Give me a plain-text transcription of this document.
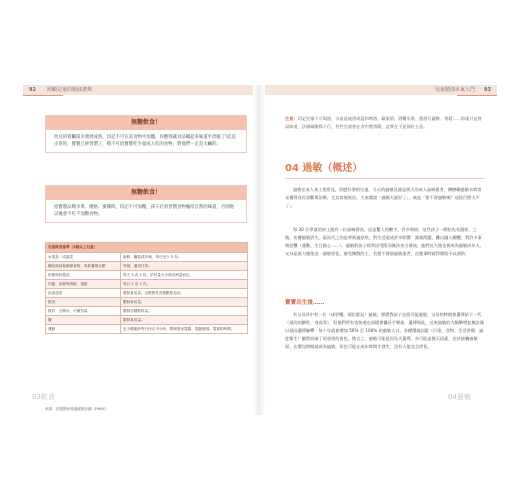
92 照顧兒童的精油書典
無糖飲食！
幼兒的腎臟還未發展成熟，切記不可在其食物中加鹽，你應得讓食品嘅起來味道平淡帳了!這是正常的，寶寶已經習慣了，積不可給寶寶吃少量成人吃的食物，對他們一定是太鹹的。
無糖飲食！
給寶寶品嚐水果、優格、蜜餞時，切記不可加糖，孩子必須習慣食物攙厚自然的味道，否則他以後會不吃不加糖食物。
兒童飲食基準（3歲以上兒童）	
水果及／或蔬菜	新鮮、罐裝或冷凍，每日至少 5 份。
麵包與其他穀類食物，馬鈴薯與豆類	每餐，適用日常。
奶類與奶製品	每天 3 或 4 份，依份量大小與含鈣量而定。
肉類、魚類與海鮮、蛋類	每日 1 至 2 次。
添加甜食	限制食用量，以輕微性食慾斷飲為佳。
飲食	限制食用量。
飲料　白開水、不額份量。	限制含糖飲料量。
鹽	限制食用量。
運動	至少輕鬆舒每日快走半小時，限制靜坐電腦、電動遊戲、電視的時間。
來源：法國國家營養健康計劃（PNNS）
兒童精油市東入門 93
注意！切記兒童不可喝酒，水最是純酒或溫和啤酒、蘋果酒、酒糟水果、甜酒可麗餅、香精……即使只是嘗試味道，法國喝酪都不行，有些兒童會在食中將酒精，這實在不是個好主意。
04 過敏（概述）
過敏在成人身上很常見，但肥好發的兒童，今天的過敏兒就是明天的成人氣喘患者，鑽磨聯過敏水時常未獲得良好診斷與治療，尤其常被低估。大家總說「過敏天就好了」，或是「要不習過敏嗎？這段行麼大不了」。
每 30 位學童的肩上就有一位氣喘發表，這是驚人的數字，許多時候，這些孩子一開始先有濕疹，之後，皮膚過敏消失，取而代之的是呼吸過症狀，對生活造成許多影響：課業問題、難以融入團體，對許多事物恐懼（運動、生日點心……）。過敏的孩子經常因受限而無法充分發展，他們長大後也會成為過敏成年人。父母是最力避免這一過敏惡化，避免擴散的主，若想不發展過敏患者，在健事時就得開始予以預防。
寶寶出生後……
若父母其中有一位（或更糟，兩位都是）過敏，那麼我孩子也很可能過敏，父母的特徵會遺傳給下一代（基因的顯性、身高等），但他們所有也知道也同樣會攜長手臂基，遺傳和此，近來過敏的大幅攀增並無法僅以基因遺傳解釋：每十年就會增加 50% 至 100% 的過敏人口。各種環境因素（污染、食物、生活習慣、過度衛生）顯然扮演了很重要的角色，換言之，過敏可能是因先天遺傳，亦可能是後天因素，由於接觸過敏原，在嬰兒時期就成為過敏，但也可能在成年時期才發生，沒有人能完全倖免。
03飲食	04過敏
